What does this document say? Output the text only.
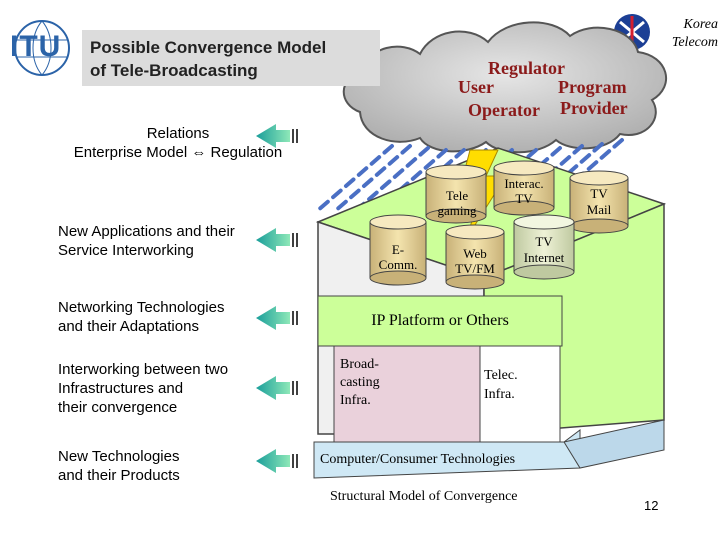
ITU Possible Convergence Model
of Tele-Broadcasting
Korea
Telecom
Regulator
User	Program
Operator Provider
Relations
Enterprise Model ⇔ Regulation
New Applications and their
Service Interworking
Networking Technologies
and their Adaptations
Interworking between two
Infrastructures and
their convergence
New Technologies
and their Products
Tele
gaming
Interac.
TV	TV
Mail
E-
Comm.
Web
TV/FM
TV
Internet
IP Platform or Others
Broad-
casting
Infra.
Telec.
Infra.
Computer/Consumer Technologies
Structural Model of Convergence
12
